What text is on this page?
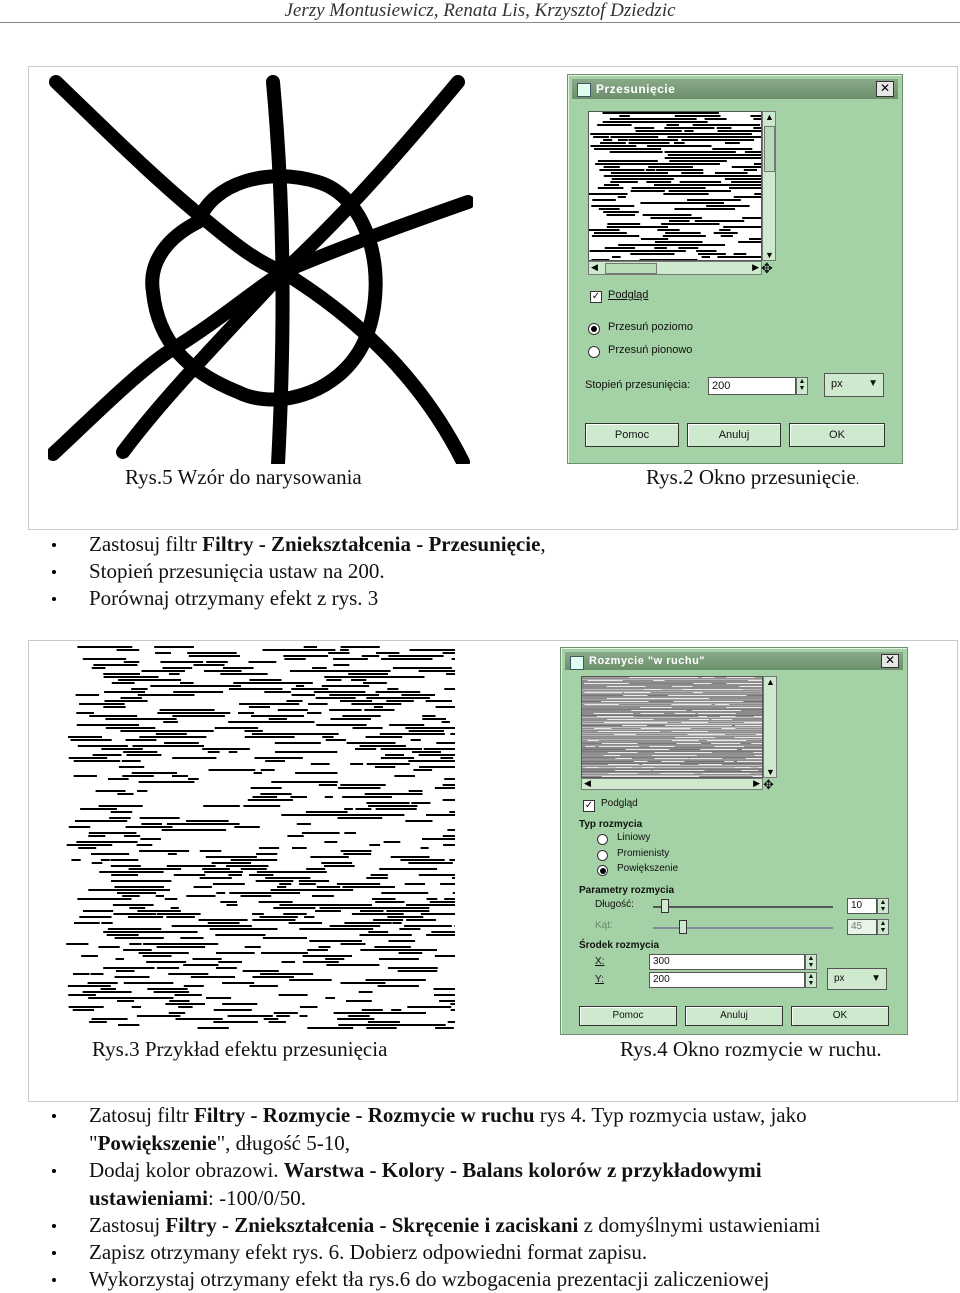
Jerzy Montusiewicz, Renata Lis, Krzysztof Dziedzic
Rys.5 Wzór do narysowania
Przesunięcie	✕
▲
▼
◀	▶ ✥
✓ Podgląd
Przesuń poziomo
Przesuń pionowo
Stopień przesunięcia:	200	▲
▼	px	▼
Pomoc	Anuluj	OK
Rys.2 Okno przesunięcie.
Zastosuj filtr Filtry - Zniekształcenia - Przesunięcie,
Stopień przesunięcia ustaw na 200.
Porównaj otrzymany efekt z rys. 3
Rys.3 Przykład efektu przesunięcia
Rozmycie "w ruchu"	✕
▲
▼
◀	▶ ✥
✓ Podgląd
Typ rozmycia
Liniowy
Promienisty
Powiększenie
Parametry rozmycia
Długość:	10	▲
▼
Kąt:	45	▲
▼
Środek rozmycia
X:	300	▲
▼
Y:	200	▲
▼	px	▼
Pomoc	Anuluj	OK
Rys.4 Okno rozmycie w ruchu.
Zatosuj filtr Filtry - Rozmycie - Rozmycie w ruchu rys 4. Typ rozmycia ustaw, jako
"Powiększenie", długość 5-10,
Dodaj kolor obrazowi. Warstwa - Kolory - Balans kolorów z przykładowymi
ustawieniami: -100/0/50.
Zastosuj Filtry - Zniekształcenia - Skręcenie i zaciskani z domyślnymi ustawieniami
Zapisz otrzymany efekt rys. 6. Dobierz odpowiedni format zapisu.
Wykorzystaj otrzymany efekt tła rys.6 do wzbogacenia prezentacji zaliczeniowej
